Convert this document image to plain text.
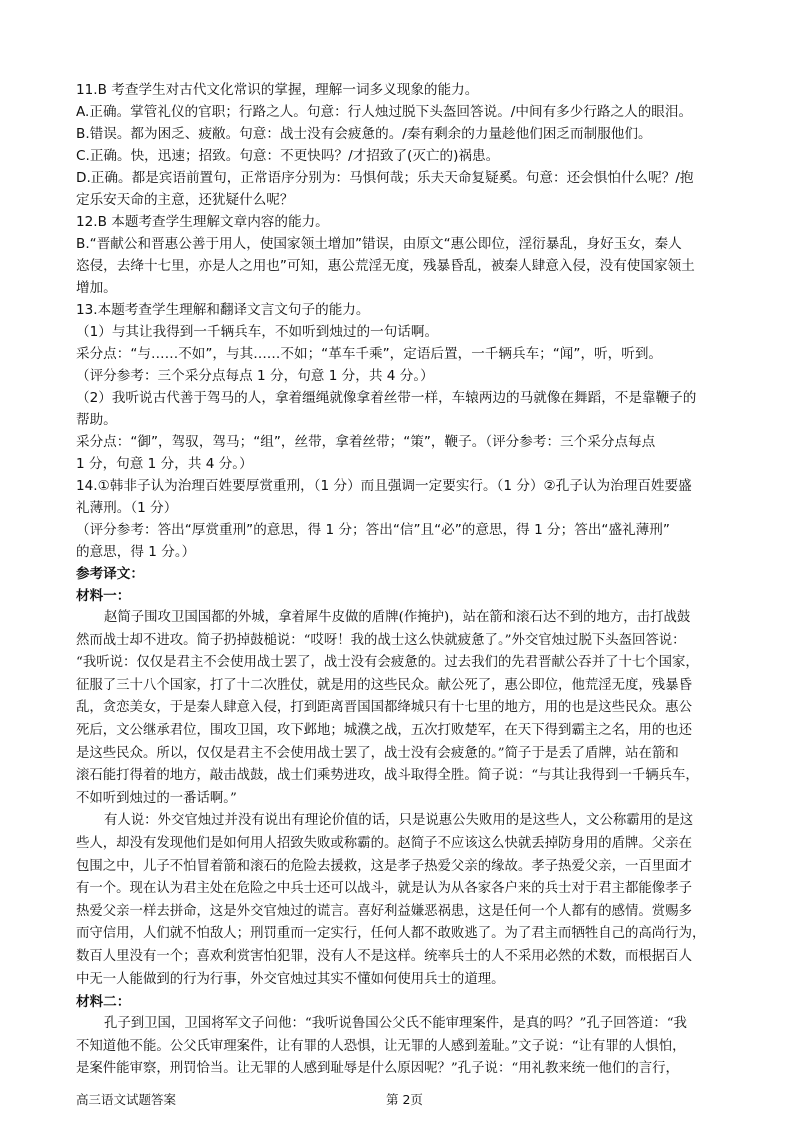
11.B 考查学生对古代文化常识的掌握，理解一词多义现象的能力。
A.正确。掌管礼仪的官职；行路之人。句意：行人烛过脱下头盔回答说。/中间有多少行路之人的眼泪。
B.错误。都为困乏、疲敝。句意：战士没有会疲惫的。/秦有剩余的力量趁他们困乏而制服他们。
C.正确。快，迅速；招致。句意：不更快吗？/才招致了(灭亡的)祸患。
D.正确。都是宾语前置句，正常语序分别为：马惧何哉；乐夫天命复疑奚。句意：还会惧怕什么呢？/抱
定乐安天命的主意，还犹疑什么呢？
12.B 本题考查学生理解文章内容的能力。
B.“晋献公和晋惠公善于用人，使国家领土增加”错误，由原文“惠公即位，淫衍暴乱，身好玉女，秦人
恣侵，去绛十七里，亦是人之用也”可知，惠公荒淫无度，残暴昏乱，被秦人肆意入侵，没有使国家领土
增加。
13.本题考查学生理解和翻译文言文句子的能力。
（1）与其让我得到一千辆兵车，不如听到烛过的一句话啊。
采分点：“与……不如”，与其……不如；“革车千乘”，定语后置，一千辆兵车；“闻”，听，听到。
（评分参考：三个采分点每点 1 分，句意 1 分，共 4 分。）
（2）我听说古代善于驾马的人，拿着缰绳就像拿着丝带一样，车辕两边的马就像在舞蹈，不是靠鞭子的
帮助。
采分点：“御”，驾驭，驾马；“组”，丝带，拿着丝带；“策”，鞭子。（评分参考：三个采分点每点
1 分，句意 1 分，共 4 分。）
14.①韩非子认为治理百姓要厚赏重刑，（1 分）而且强调一定要实行。（1 分）②孔子认为治理百姓要盛
礼薄刑。（1 分）
（评分参考：答出“厚赏重刑”的意思，得 1 分；答出“信”且“必”的意思，得 1 分；答出“盛礼薄刑”
的意思，得 1 分。）
参考译文：
材料一：
赵简子围攻卫国国都的外城，拿着犀牛皮做的盾牌(作掩护)，站在箭和滚石达不到的地方，击打战鼓
然而战士却不进攻。简子扔掉鼓槌说：“哎呀！我的战士这么快就疲惫了。”外交官烛过脱下头盔回答说：
“我听说：仅仅是君主不会使用战士罢了，战士没有会疲惫的。过去我们的先君晋献公吞并了十七个国家，
征服了三十八个国家，打了十二次胜仗，就是用的这些民众。献公死了，惠公即位，他荒淫无度，残暴昏
乱，贪恋美女，于是秦人肆意入侵，打到距离晋国国都绛城只有十七里的地方，用的也是这些民众。惠公
死后，文公继承君位，围攻卫国，攻下邺地；城濮之战，五次打败楚军，在天下得到霸主之名，用的也还
是这些民众。所以，仅仅是君主不会使用战士罢了，战士没有会疲惫的。”简子于是丢了盾牌，站在箭和
滚石能打得着的地方，敲击战鼓，战士们乘势进攻，战斗取得全胜。简子说：“与其让我得到一千辆兵车，
不如听到烛过的一番话啊。”
有人说：外交官烛过并没有说出有理论价值的话，只是说惠公失败用的是这些人，文公称霸用的是这
些人，却没有发现他们是如何用人招致失败或称霸的。赵简子不应该这么快就丢掉防身用的盾牌。父亲在
包围之中，儿子不怕冒着箭和滚石的危险去援救，这是孝子热爱父亲的缘故。孝子热爱父亲，一百里面才
有一个。现在认为君主处在危险之中兵士还可以战斗，就是认为从各家各户来的兵士对于君主都能像孝子
热爱父亲一样去拼命，这是外交官烛过的谎言。喜好利益嫌恶祸患，这是任何一个人都有的感情。赏赐多
而守信用，人们就不怕敌人；刑罚重而一定实行，任何人都不敢败逃了。为了君主而牺牲自己的高尚行为，
数百人里没有一个；喜欢利赏害怕犯罪，没有人不是这样。统率兵士的人不采用必然的术数，而根据百人
中无一人能做到的行为行事，外交官烛过其实不懂如何使用兵士的道理。
材料二：
孔子到卫国，卫国将军文子问他：“我听说鲁国公父氏不能审理案件，是真的吗？”孔子回答道：“我
不知道他不能。公父氏审理案件，让有罪的人恐惧，让无罪的人感到羞耻。”文子说：“让有罪的人惧怕，
是案件能审察，刑罚恰当。让无罪的人感到耻辱是什么原因呢？”孔子说：“用礼教来统一他们的言行，
高三语文试题答案	第 2页
